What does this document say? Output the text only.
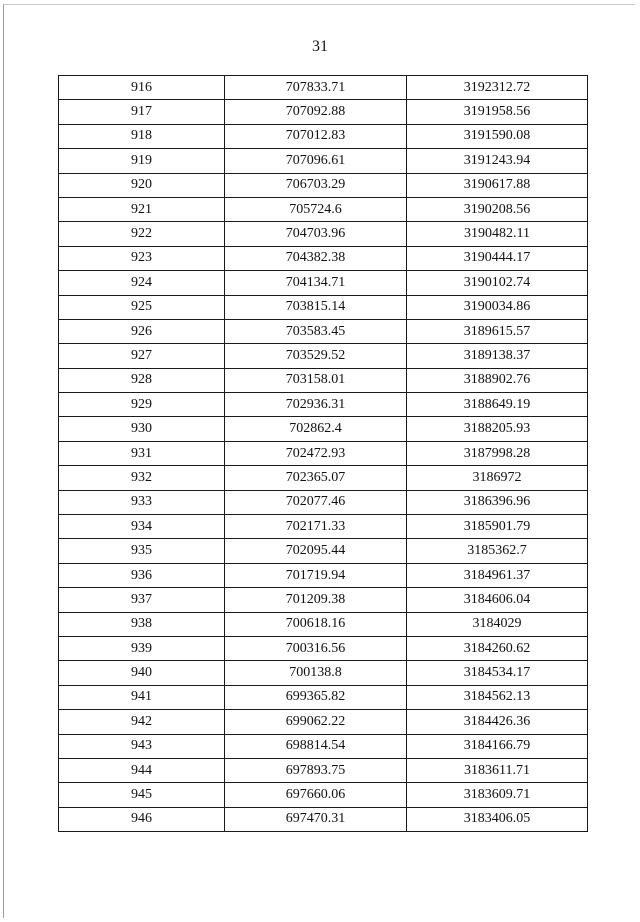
31
916	707833.71	3192312.72
917	707092.88	3191958.56
918	707012.83	3191590.08
919	707096.61	3191243.94
920	706703.29	3190617.88
921	705724.6	3190208.56
922	704703.96	3190482.11
923	704382.38	3190444.17
924	704134.71	3190102.74
925	703815.14	3190034.86
926	703583.45	3189615.57
927	703529.52	3189138.37
928	703158.01	3188902.76
929	702936.31	3188649.19
930	702862.4	3188205.93
931	702472.93	3187998.28
932	702365.07	3186972
933	702077.46	3186396.96
934	702171.33	3185901.79
935	702095.44	3185362.7
936	701719.94	3184961.37
937	701209.38	3184606.04
938	700618.16	3184029
939	700316.56	3184260.62
940	700138.8	3184534.17
941	699365.82	3184562.13
942	699062.22	3184426.36
943	698814.54	3184166.79
944	697893.75	3183611.71
945	697660.06	3183609.71
946	697470.31	3183406.05
